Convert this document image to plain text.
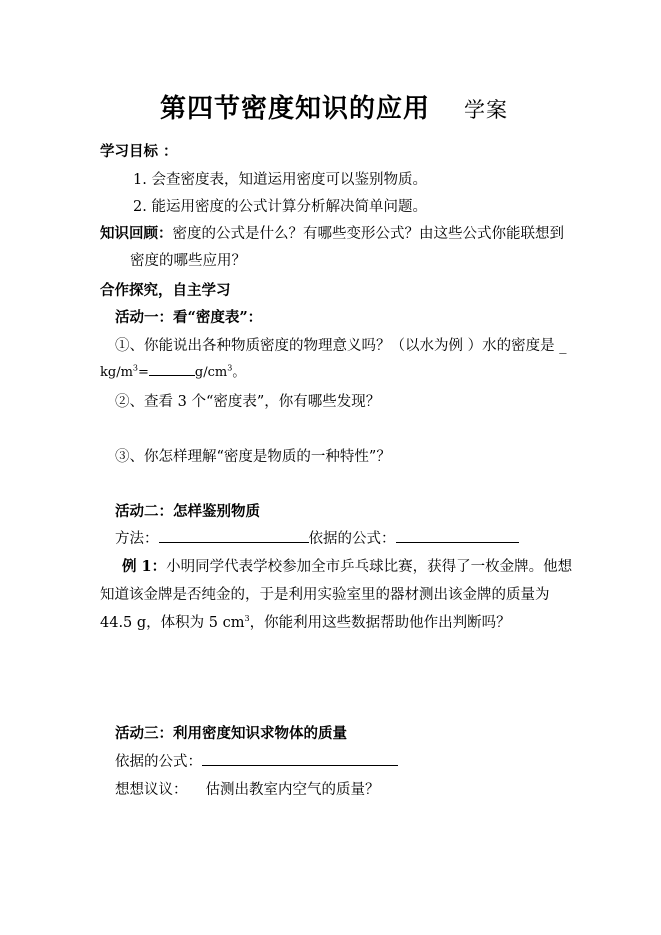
第四节密度知识的应用 学案
学习目标 ：
1. 会查密度表，知道运用密度可以鉴别物质。
2. 能运用密度的公式计算分析解决简单问题。
知识回顾：密度的公式是什么？有哪些变形公式？由这些公式你能联想到
密度的哪些应用？
合作探究，自主学习
活动一：看“密度表”：
①、你能说出各种物质密度的物理意义吗？（以水为例 ）水的密度是 _
$kg/m^3=$	$g/cm^3$。
②、查看 3 个“密度表”，你有哪些发现？
③、你怎样理解“密度是物质的一种特性”？
活动二：怎样鉴别物质
方法：	依据的公式：
例 1：小明同学代表学校参加全市乒乓球比赛，获得了一枚金牌。他想
知道该金牌是否纯金的，于是利用实验室里的器材测出该金牌的质量为
44.5 g，体积为 5 $cm^3$，你能利用这些数据帮助他作出判断吗？
活动三：利用密度知识求物体的质量
依据的公式：
想想议议： 估测出教室内空气的质量？
